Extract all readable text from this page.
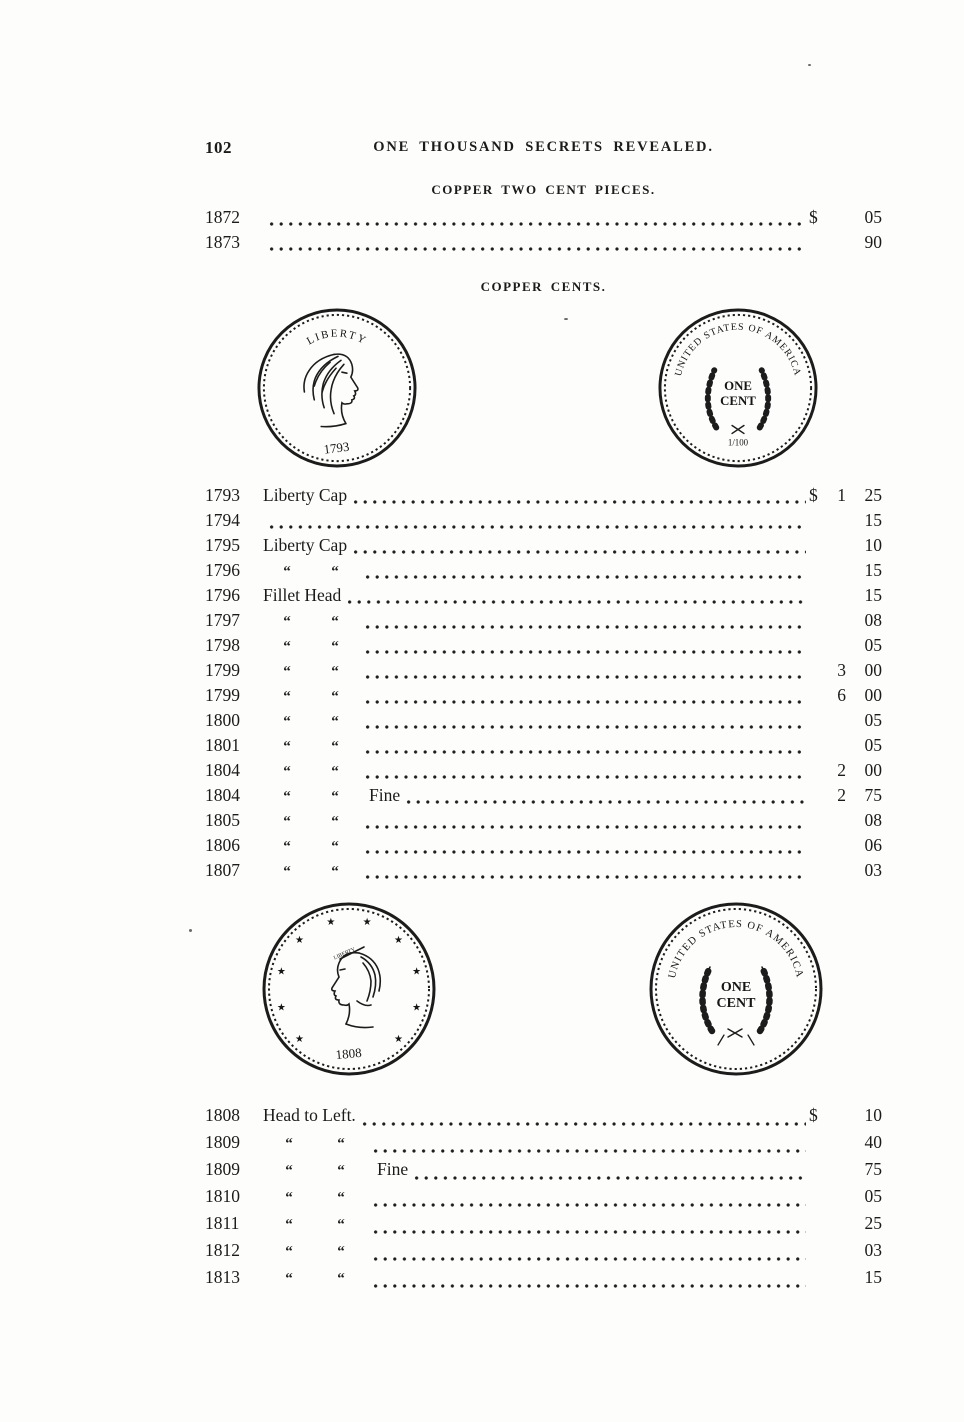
102	ONE THOUSAND SECRETS REVEALED.
COPPER TWO CENT PIECES.
1872	$	05
1873	90
COPPER CENTS.
LIBERTY
1793
UNITED STATES OF AMERICA
ONE
CENT
1/100
1793	Liberty Cap	$	1	25
1794	15
1795	Liberty Cap	10
1796	“	“	15
1796	Fillet Head	15
1797	“	“	08
1798	“	“	05
1799	“	“	3	00
1799	“	“	6	00
1800	“	“	05
1801	“	“	05
1804	“	“	2	00
1804	“	“	Fine	2	75
1805	“	“	08
1806	“	“	06
1807	“	“	03
★
★
★
★
★
★
★
★	★
★
LIBERTY
1808
UNITED STATES OF AMERICA
ONE
CENT
1808	Head to Left.	$	10
1809	“	“	40
1809	“	“	Fine	75
1810	“	“	05
1811	“	“	25
1812	“	“	03
1813	“	“	15
